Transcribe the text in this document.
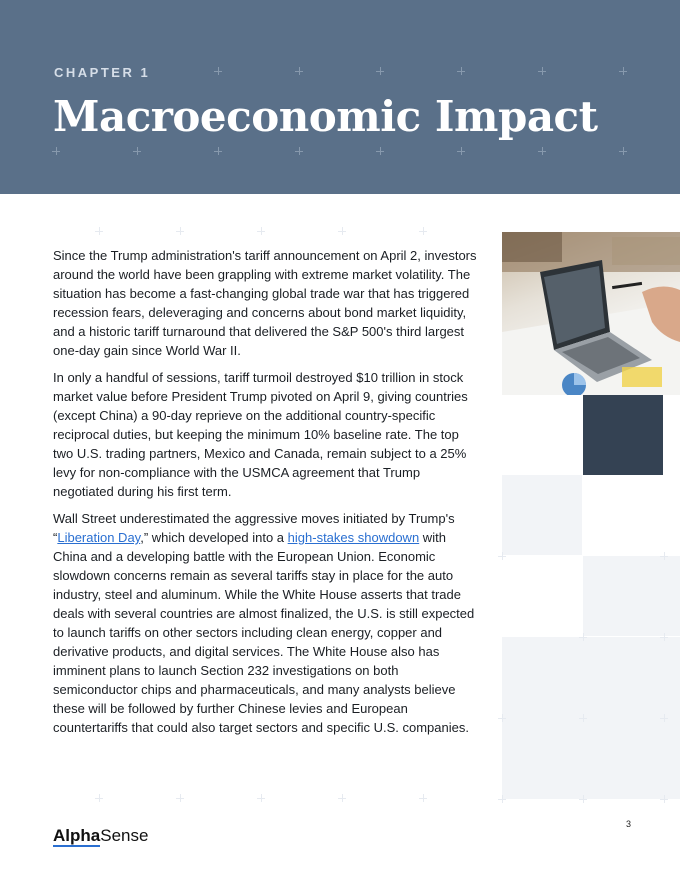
CHAPTER 1
Macroeconomic Impact

Since the Trump administration's tariff announcement on April 2, investors around the world have been grappling with extreme market volatility. The situation has become a fast-changing global trade war that has triggered recession fears, deleveraging and concerns about bond market liquidity, and a historic tariff turnaround that delivered the S&P 500's third largest one-day gain since World War II.

In only a handful of sessions, tariff turmoil destroyed $10 trillion in stock market value before President Trump pivoted on April 9, giving countries (except China) a 90-day reprieve on the additional country-specific reciprocal duties, but keeping the minimum 10% baseline rate. The top two U.S. trading partners, Mexico and Canada, remain subject to a 25% levy for non-compliance with the USMCA agreement that Trump negotiated during his first term.

Wall Street underestimated the aggressive moves initiated by Trump's “Liberation Day,” which developed into a high-stakes showdown with China and a developing battle with the European Union. Economic slowdown concerns remain as several tariffs stay in place for the auto industry, steel and aluminum. While the White House asserts that trade deals with several countries are almost finalized, the U.S. is still expected to launch tariffs on other sectors including clean energy, copper and derivative products, and digital services. The White House also has imminent plans to launch Section 232 investigations on both semiconductor chips and pharmaceuticals, and many analysts believe these will be followed by further Chinese levies and European countertariffs that could also target sectors and specific U.S. companies.

AlphaSense
3
